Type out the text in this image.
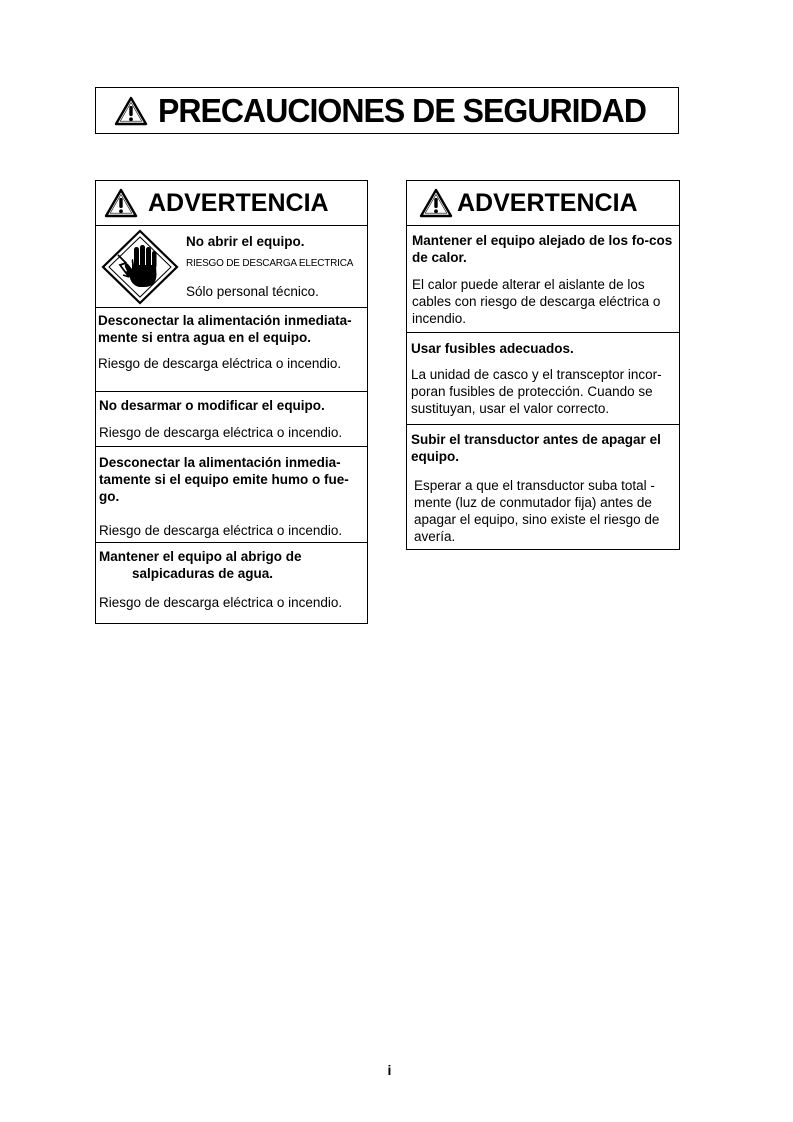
PRECAUCIONES DE SEGURIDAD
ADVERTENCIA
No abrir el equipo.
RIESGO DE DESCARGA ELECTRICA
Sólo personal técnico.
Desconectar la alimentación inmediata-mente si entra agua en el equipo.
Riesgo de descarga eléctrica o incendio.
No desarmar o modificar el equipo.
Riesgo de descarga eléctrica o incendio.
Desconectar la alimentación inmedia-tamente si el equipo emite humo o fue-go.
Riesgo de descarga eléctrica o incendio.
Mantener el equipo al abrigo de
salpicaduras de agua.
Riesgo de descarga eléctrica o incendio.
ADVERTENCIA
Mantener el equipo alejado de los fo-cos de calor.
El calor puede alterar el aislante de los cables con riesgo de descarga eléctrica o incendio.
Usar fusibles adecuados.
La unidad de casco y el transceptor incor-poran fusibles de protección. Cuando se sustituyan, usar el valor correcto.
Subir el transductor antes de apagar el equipo.
Esperar a que el transductor suba total -mente (luz de conmutador fija) antes de apagar el equipo, sino existe el riesgo de avería.
i
